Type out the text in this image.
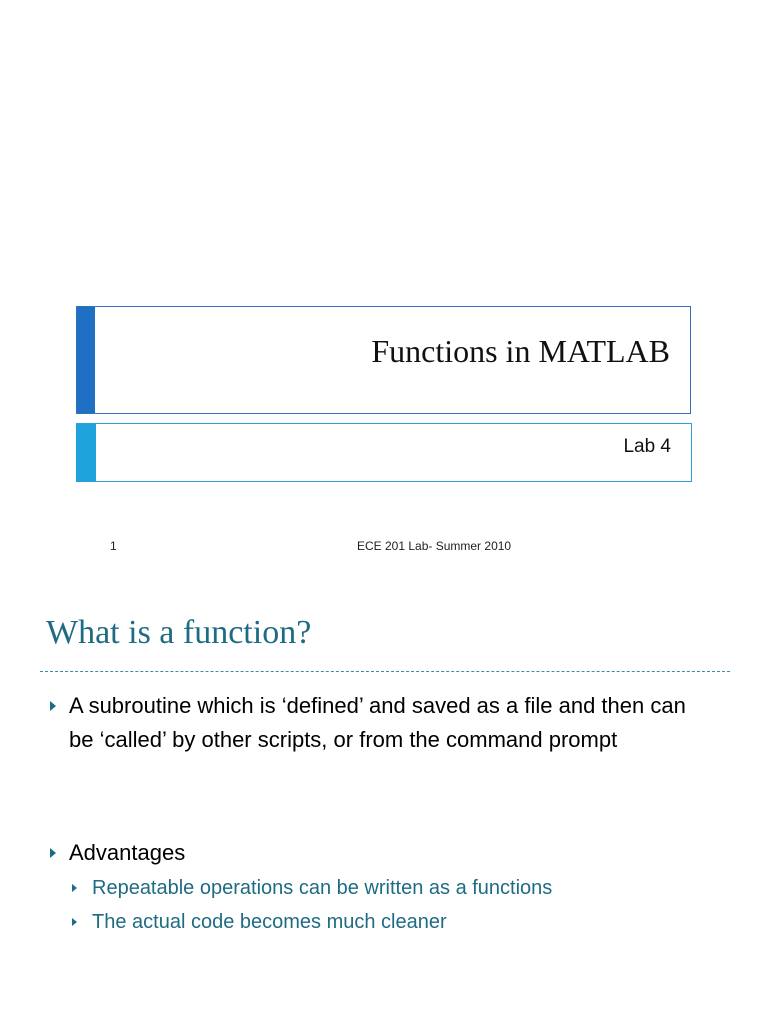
Functions in MATLAB
Lab 4
1	ECE 201 Lab- Summer 2010
What is a function?
A subroutine which is ‘defined’ and saved as a file and then can be ‘called’ by other scripts, or from the command prompt
Advantages
Repeatable operations can be written as a functions
The actual code becomes much cleaner
